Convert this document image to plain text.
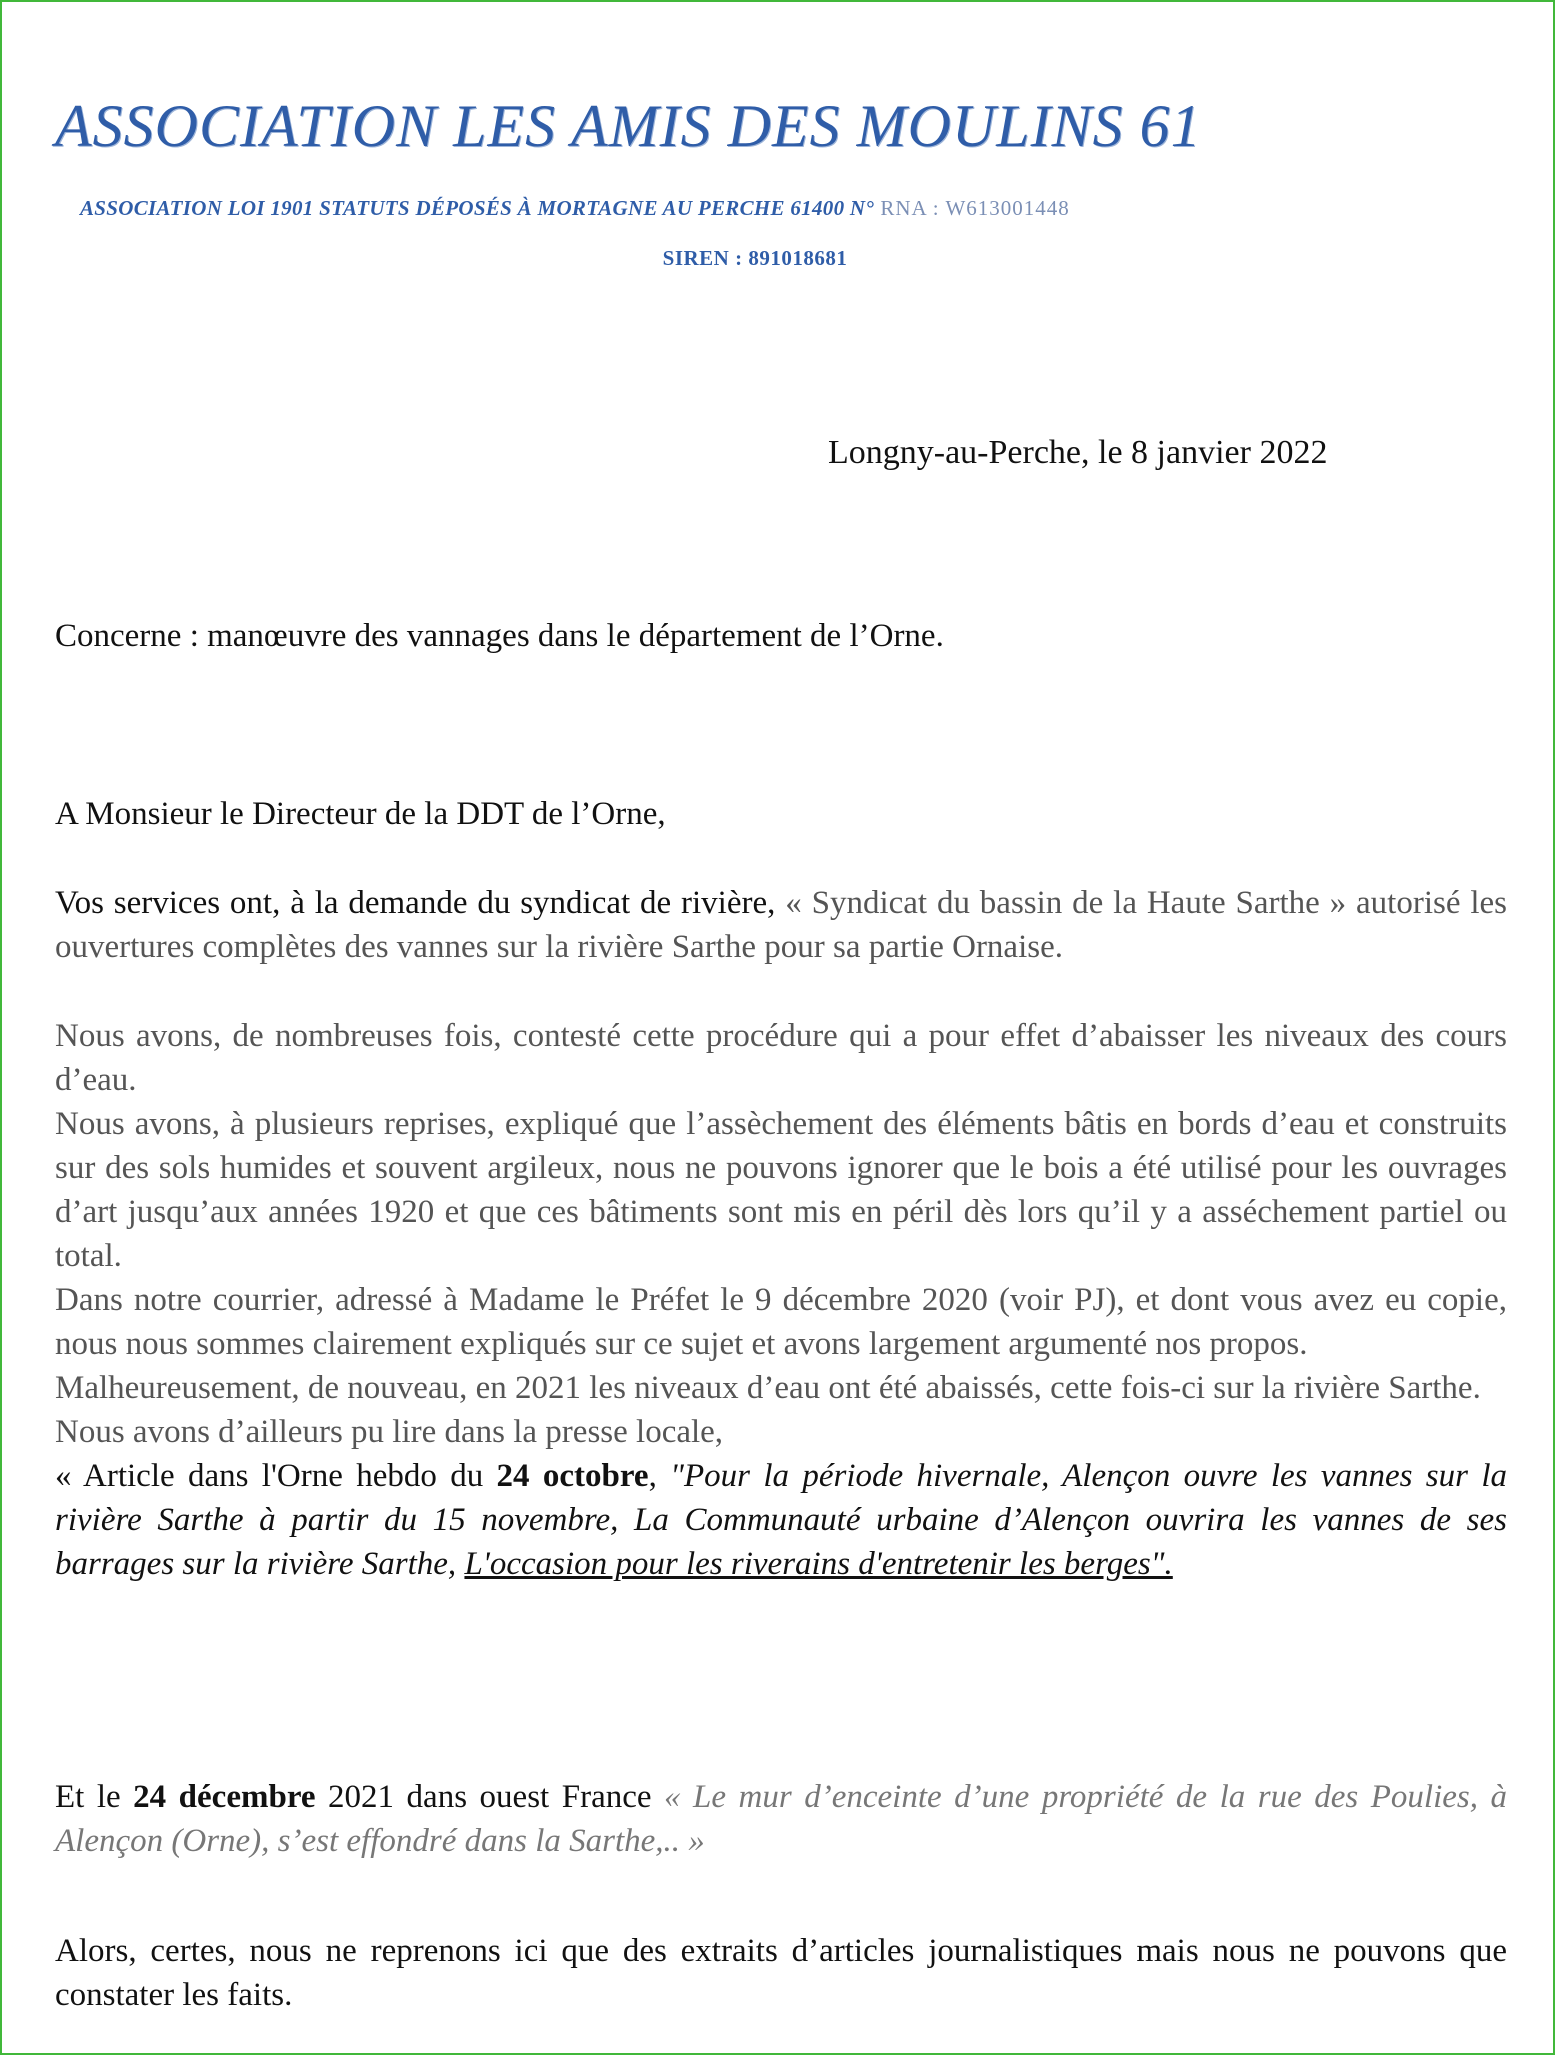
ASSOCIATION LES AMIS DES MOULINS 61
ASSOCIATION LOI 1901 STATUTS DÉPOSÉS À MORTAGNE AU PERCHE 61400 N° RNA : W613001448
SIREN : 891018681
Longny-au-Perche, le 8 janvier 2022
Concerne : manœuvre des vannages dans le département de l’Orne.
A Monsieur le Directeur de la DDT de l’Orne,

Vos services ont, à la demande du syndicat de rivière, « Syndicat du bassin de la Haute Sarthe » autorisé les ouvertures complètes des vannes sur la rivière Sarthe pour sa partie Ornaise.

Nous avons, de nombreuses fois, contesté cette procédure qui a pour effet d’abaisser les niveaux des cours d’eau.

Nous avons, à plusieurs reprises, expliqué que l’assèchement des éléments bâtis en bords d’eau et construits sur des sols humides et souvent argileux, nous ne pouvons ignorer que le bois a été utilisé pour les ouvrages d’art jusqu’aux années 1920 et que ces bâtiments sont mis en péril dès lors qu’il y a asséchement partiel ou total.

Dans notre courrier, adressé à Madame le Préfet le 9 décembre 2020 (voir PJ), et dont vous avez eu copie, nous nous sommes clairement expliqués sur ce sujet et avons largement argumenté nos propos.

Malheureusement, de nouveau, en 2021 les niveaux d’eau ont été abaissés, cette fois-ci sur la rivière Sarthe.

Nous avons d’ailleurs pu lire dans la presse locale,

« Article dans l'Orne hebdo du 24 octobre, "Pour la période hivernale, Alençon ouvre les vannes sur la rivière Sarthe à partir du 15 novembre, La Communauté urbaine d’Alençon ouvrira les vannes de ses barrages sur la rivière Sarthe, L'occasion pour les riverains d'entretenir les berges".

Et le 24 décembre 2021 dans ouest France « Le mur d’enceinte d’une propriété de la rue des Poulies, à Alençon (Orne), s’est effondré dans la Sarthe,.. »

Alors, certes, nous ne reprenons ici que des extraits d’articles journalistiques mais nous ne pouvons que constater les faits.
